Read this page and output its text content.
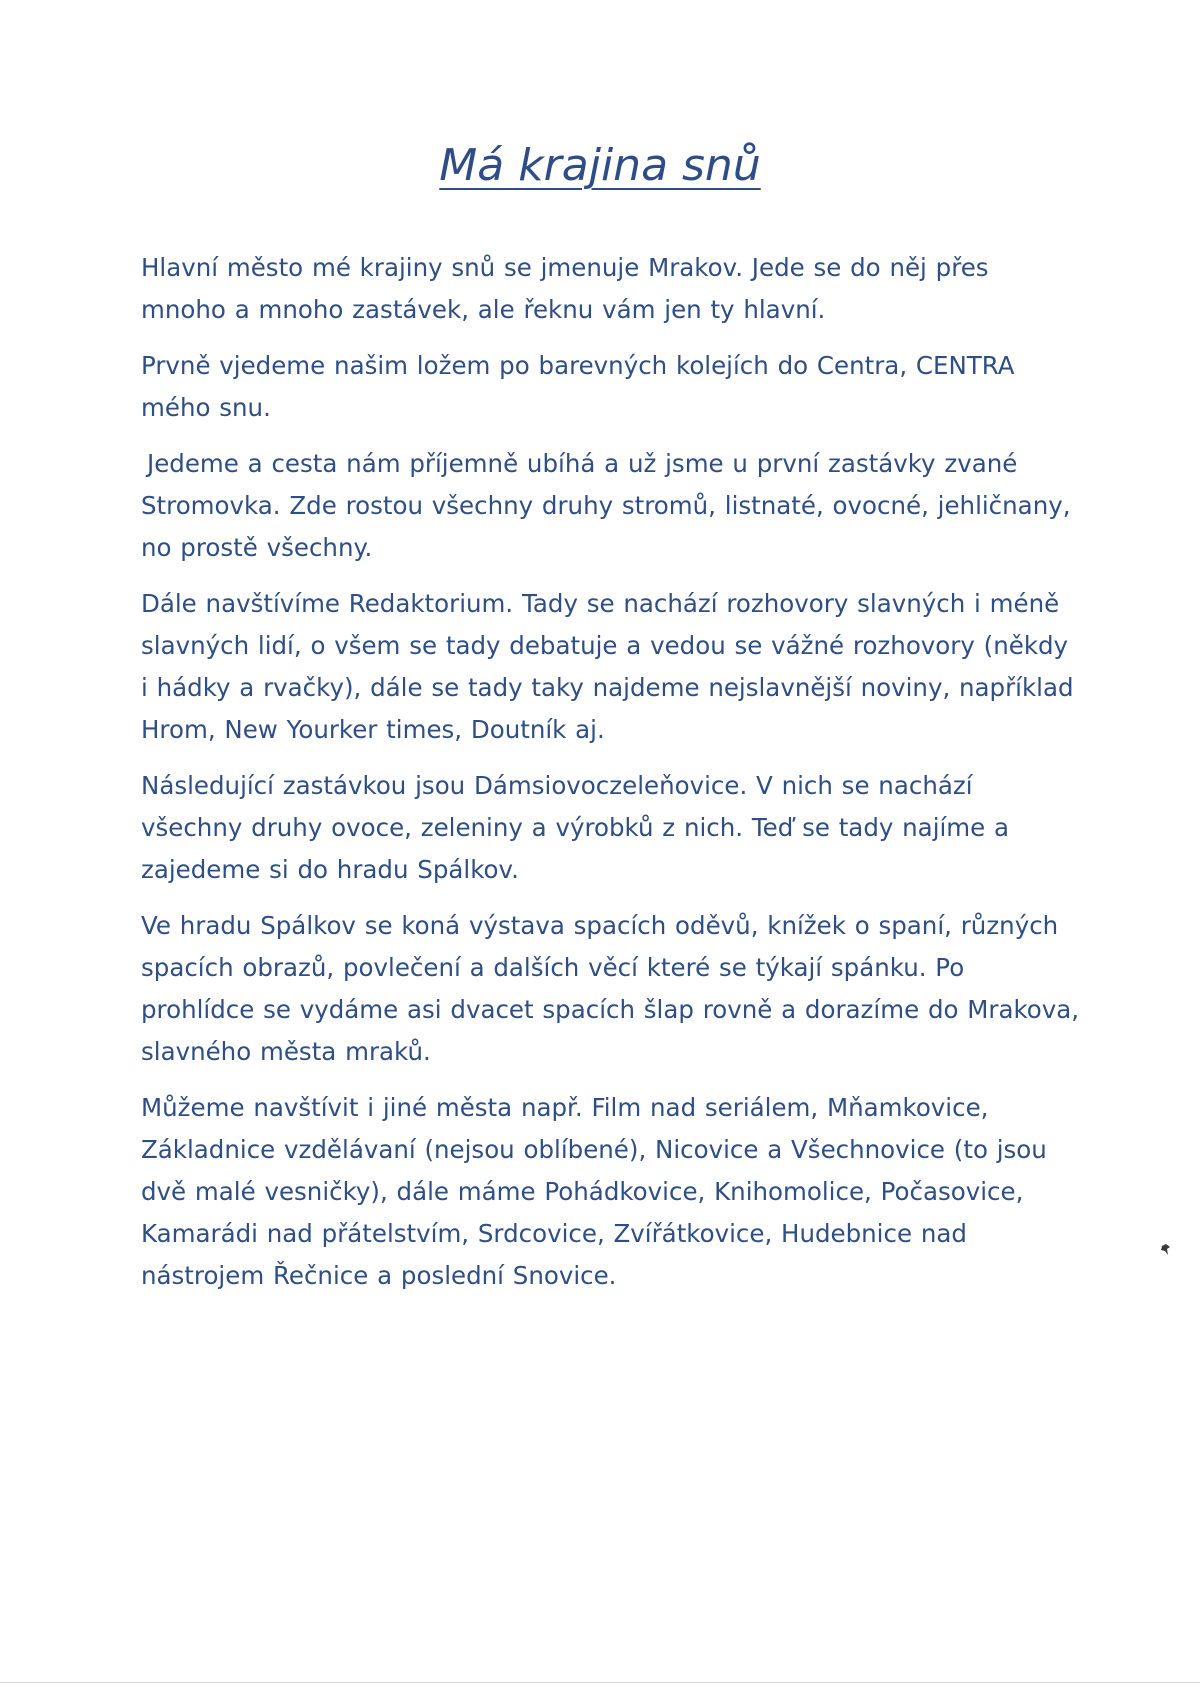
Má krajina snů

Hlavní město mé krajiny snů se jmenuje Mrakov. Jede se do něj přes mnoho a mnoho zastávek, ale řeknu vám jen ty hlavní.

Prvně vjedeme našim ložem po barevných kolejích do Centra, CENTRA mého snu.

Jedeme a cesta nám příjemně ubíhá a už jsme u první zastávky zvané Stromovka. Zde rostou všechny druhy stromů, listnaté, ovocné, jehličnany, no prostě všechny.

Dále navštívíme Redaktorium. Tady se nachází rozhovory slavných i méně slavných lidí, o všem se tady debatuje a vedou se vážné rozhovory (někdy i hádky a rvačky), dále se tady taky najdeme nejslavnější noviny, například Hrom, New Yourker times, Doutník aj.

Následující zastávkou jsou Dámsiovoczeleňovice. V nich se nachází všechny druhy ovoce, zeleniny a výrobků z nich. Teď se tady najíme a zajedeme si do hradu Spálkov.

Ve hradu Spálkov se koná výstava spacích oděvů, knížek o spaní, různých spacích obrazů, povlečení a dalších věcí které se týkají spánku. Po prohlídce se vydáme asi dvacet spacích šlap rovně a dorazíme do Mrakova, slavného města mraků.

Můžeme navštívit i jiné města např. Film nad seriálem, Mňamkovice, Základnice vzdělávaní (nejsou oblíbené), Nicovice a Všechnovice (to jsou dvě malé vesničky), dále máme Pohádkovice, Knihomolice, Počasovice, Kamarádi nad přátelstvím, Srdcovice, Zvířátkovice, Hudebnice nad nástrojem Řečnice a poslední Snovice.
